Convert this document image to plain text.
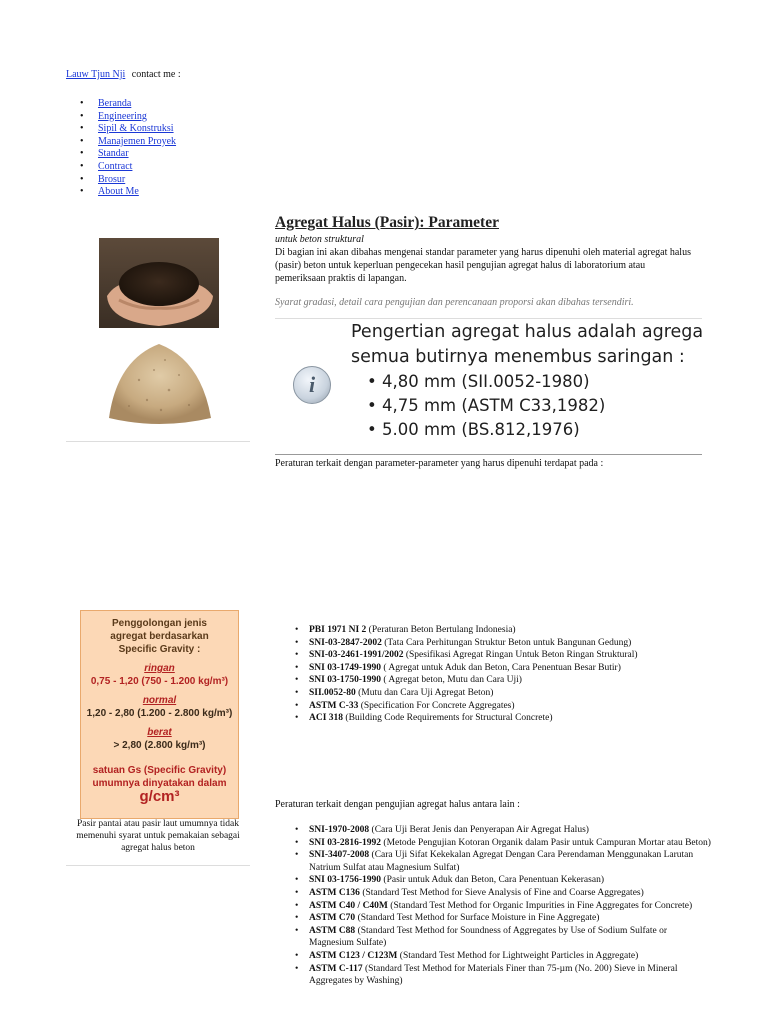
Lauw Tjun Nji contact me :
• Beranda
• Engineering
• Sipil & Konstruksi
• Manajemen Proyek
• Standar
• Contract
• Brosur
• About Me
Agregat Halus (Pasir): Parameter
untuk beton struktural
Di bagian ini akan dibahas mengenai standar parameter yang harus dipenuhi oleh material agregat halus (pasir) beton untuk keperluan pengecekan hasil pengujian agregat halus di laboratorium atau pemeriksaan praktis di lapangan.
Syarat gradasi, detail cara pengujian dan perencanaan proporsi akan dibahas tersendiri.
i
Pengertian agregat halus adalah agrega
semua butirnya menembus saringan :
• 4,80 mm (SII.0052-1980)
• 4,75 mm (ASTM C33,1982)
• 5.00 mm (BS.812,1976)
Peraturan terkait dengan parameter-parameter yang harus dipenuhi terdapat pada :
Penggolongan jenis
agregat berdasarkan
Specific Gravity :
ringan
0,75 - 1,20 (750 - 1.200 kg/m³)
normal
1,20 - 2,80 (1.200 - 2.800 kg/m³)
berat
> 2,80 (2.800 kg/m³)
satuan Gs (Specific Gravity)
umumnya dinyatakan dalam
g/cm³
Pasir pantai atau pasir laut umumnya tidak memenuhi syarat untuk pemakaian sebagai agregat halus beton
• PBI 1971 NI 2 (Peraturan Beton Bertulang Indonesia)
• SNI-03-2847-2002 (Tata Cara Perhitungan Struktur Beton untuk Bangunan Gedung)
• SNI-03-2461-1991/2002 (Spesifikasi Agregat Ringan Untuk Beton Ringan Struktural)
• SNI 03-1749-1990 ( Agregat untuk Aduk dan Beton, Cara Penentuan Besar Butir)
• SNI 03-1750-1990 ( Agregat beton, Mutu dan Cara Uji)
• SII.0052-80 (Mutu dan Cara Uji Agregat Beton)
• ASTM C-33 (Specification For Concrete Aggregates)
• ACI 318 (Building Code Requirements for Structural Concrete)
Peraturan terkait dengan pengujian agregat halus antara lain :
• SNI-1970-2008 (Cara Uji Berat Jenis dan Penyerapan Air Agregat Halus)
• SNI 03-2816-1992 (Metode Pengujian Kotoran Organik dalam Pasir untuk Campuran Mortar atau Beton)
• SNI-3407-2008 (Cara Uji Sifat Kekekalan Agregat Dengan Cara Perendaman Menggunakan Larutan Natrium Sulfat atau Magnesium Sulfat)
• SNI 03-1756-1990 (Pasir untuk Aduk dan Beton, Cara Penentuan Kekerasan)
• ASTM C136 (Standard Test Method for Sieve Analysis of Fine and Coarse Aggregates)
• ASTM C40 / C40M (Standard Test Method for Organic Impurities in Fine Aggregates for Concrete)
• ASTM C70 (Standard Test Method for Surface Moisture in Fine Aggregate)
• ASTM C88 (Standard Test Method for Soundness of Aggregates by Use of Sodium Sulfate or Magnesium Sulfate)
• ASTM C123 / C123M (Standard Test Method for Lightweight Particles in Aggregate)
• ASTM C-117 (Standard Test Method for Materials Finer than 75-µm (No. 200) Sieve in Mineral Aggregates by Washing)
